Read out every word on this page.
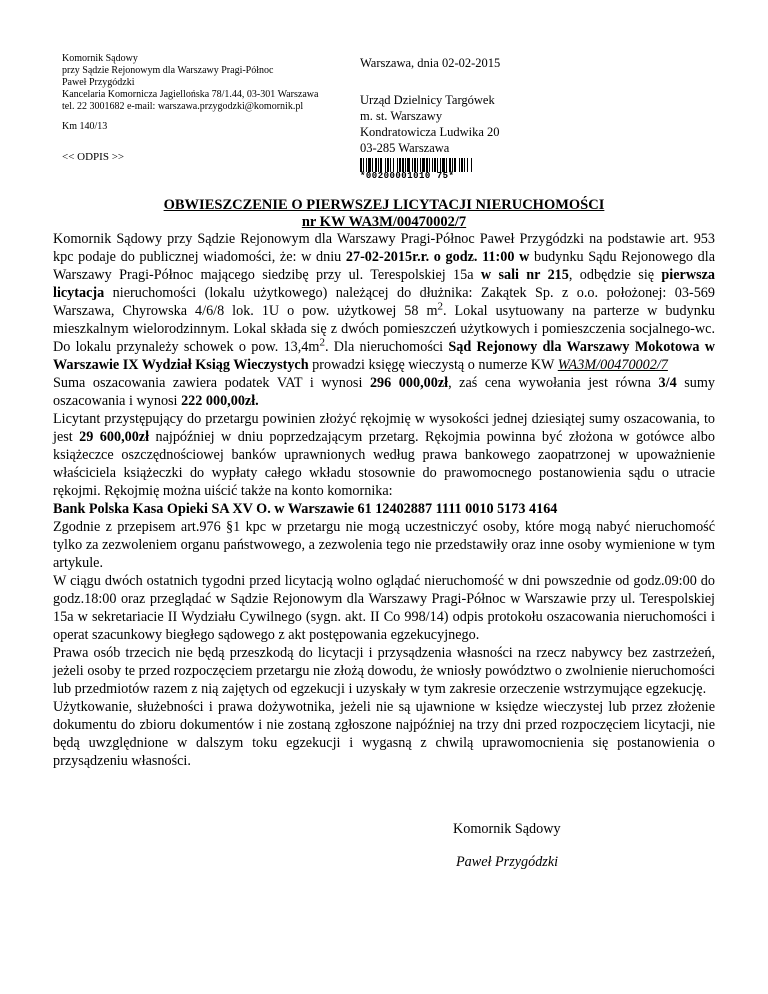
Komornik Sądowy
przy Sądzie Rejonowym dla Warszawy Pragi-Północ
Paweł Przygódzki
Kancelaria Komornicza Jagiellońska 78/1.44, 03-301 Warszawa
tel. 22 3001682 e-mail: warszawa.przygodzki@komornik.pl
Km 140/13
<< ODPIS >>
Warszawa, dnia 02-02-2015
Urząd Dzielnicy Targówek
m. st. Warszawy
Kondratowicza Ludwika 20
03-285 Warszawa
*00200001010 75*
OBWIESZCZENIE O PIERWSZEJ LICYTACJI NIERUCHOMOŚCI
nr KW WA3M/00470002/7

Komornik Sądowy przy Sądzie Rejonowym dla Warszawy Pragi-Północ Paweł Przygódzki na podstawie art. 953 kpc podaje do publicznej wiadomości, że: w dniu 27-02-2015r.r. o godz. 11:00 w budynku Sądu Rejonowego dla Warszawy Pragi-Północ mającego siedzibę przy ul. Terespolskiej 15a w sali nr 215, odbędzie się pierwsza licytacja nieruchomości (lokalu użytkowego) należącej do dłużnika: Zakątek Sp. z o.o. położonej: 03-569 Warszawa, Chyrowska 4/6/8 lok. 1U o pow. użytkowej 58 $m^2$. Lokal usytuowany na parterze w budynku mieszkalnym wielorodzinnym. Lokal składa się z dwóch pomieszczeń użytkowych i pomieszczenia socjalnego-wc. Do lokalu przynależy schowek o pow. $13,4m^2$. Dla nieruchomości Sąd Rejonowy dla Warszawy Mokotowa w Warszawie IX Wydział Ksiąg Wieczystych prowadzi księgę wieczystą o numerze KW WA3M/00470002/7

Suma oszacowania zawiera podatek VAT i wynosi 296 000,00zł, zaś cena wywołania jest równa 3/4 sumy oszacowania i wynosi 222 000,00zł.

Licytant przystępujący do przetargu powinien złożyć rękojmię w wysokości jednej dziesiątej sumy oszacowania, to jest 29 600,00zł najpóźniej w dniu poprzedzającym przetarg. Rękojmia powinna być złożona w gotówce albo książeczce oszczędnościowej banków uprawnionych według prawa bankowego zaopatrzonej w upoważnienie właściciela książeczki do wypłaty całego wkładu stosownie do prawomocnego postanowienia sądu o utracie rękojmi. Rękojmię można uiścić także na konto komornika:
Bank Polska Kasa Opieki SA XV O. w Warszawie 61 12402887 1111 0010 5173 4164

Zgodnie z przepisem art.976 §1 kpc w przetargu nie mogą uczestniczyć osoby, które mogą nabyć nieruchomość tylko za zezwoleniem organu państwowego, a zezwolenia tego nie przedstawiły oraz inne osoby wymienione w tym artykule.

W ciągu dwóch ostatnich tygodni przed licytacją wolno oglądać nieruchomość w dni powszednie od godz.09:00 do godz.18:00 oraz przeglądać w Sądzie Rejonowym dla Warszawy Pragi-Północ w Warszawie przy ul. Terespolskiej 15a w sekretariacie II Wydziału Cywilnego (sygn. akt. II Co 998/14) odpis protokołu oszacowania nieruchomości i operat szacunkowy biegłego sądowego z akt postępowania egzekucyjnego.

Prawa osób trzecich nie będą przeszkodą do licytacji i przysądzenia własności na rzecz nabywcy bez zastrzeżeń, jeżeli osoby te przed rozpoczęciem przetargu nie złożą dowodu, że wniosły powództwo o zwolnienie nieruchomości lub przedmiotów razem z nią zajętych od egzekucji i uzyskały w tym zakresie orzeczenie wstrzymujące egzekucję.

Użytkowanie, służebności i prawa dożywotnika, jeżeli nie są ujawnione w księdze wieczystej lub przez złożenie dokumentu do zbioru dokumentów i nie zostaną zgłoszone najpóźniej na trzy dni przed rozpoczęciem licytacji, nie będą uwzględnione w dalszym toku egzekucji i wygasną z chwilą uprawomocnienia się postanowienia o przysądzeniu własności.

Komornik Sądowy
Paweł Przygódzki
